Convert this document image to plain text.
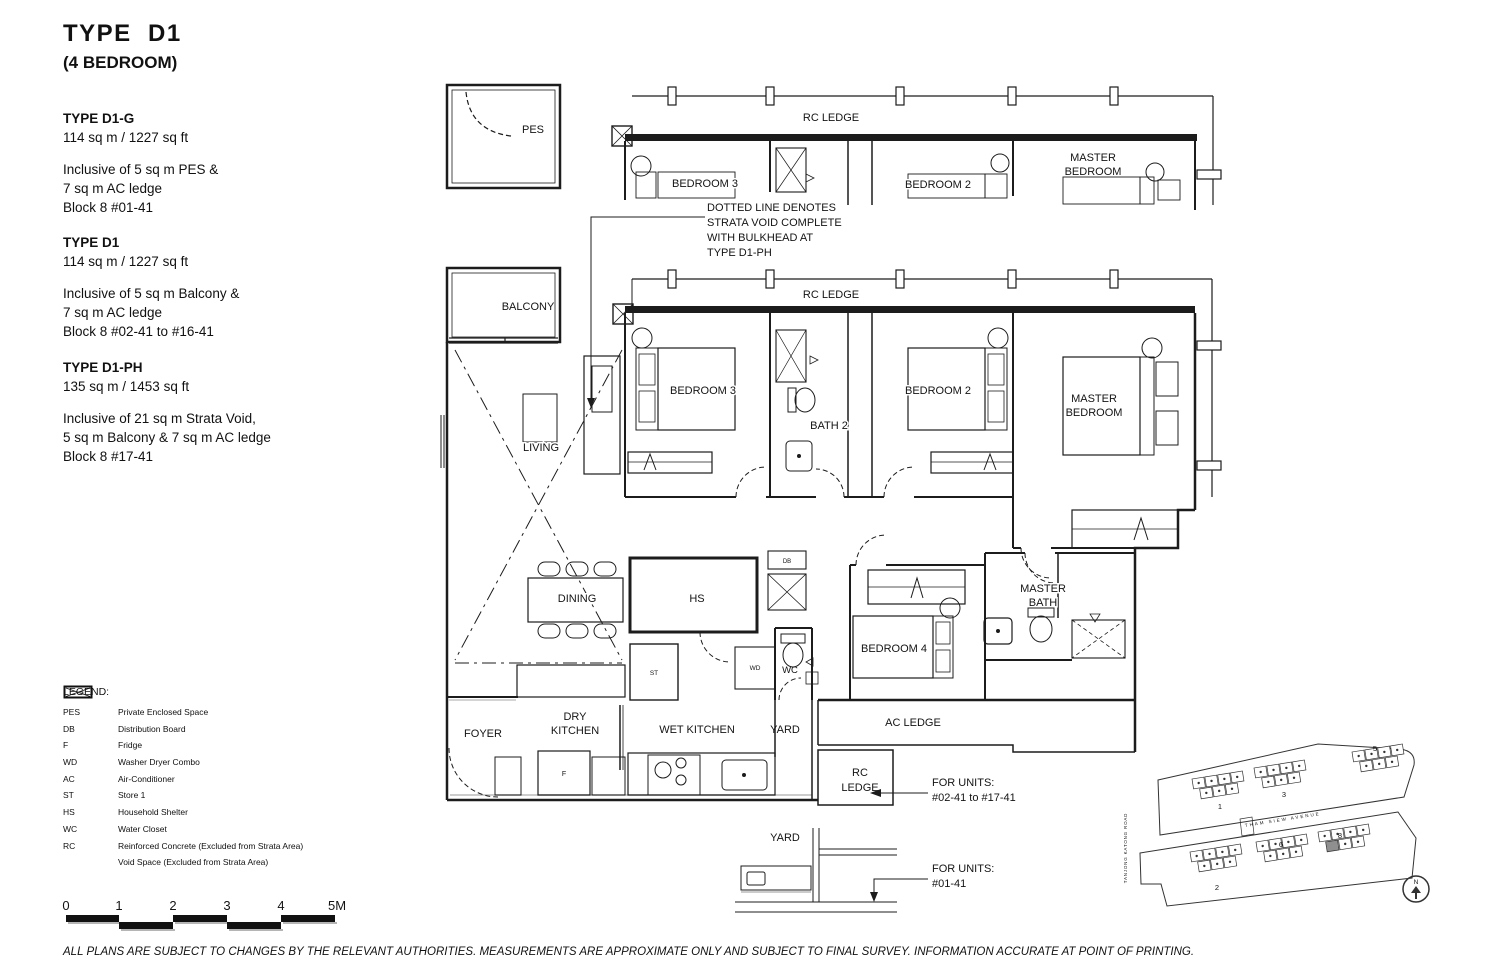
1
3
5
2
6
8
PES
RC LEDGE
BEDROOM 3	BEDROOM 2
MASTER
BEDROOM
DOTTED LINE DENOTES
STRATA VOID COMPLETE
WITH BULKHEAD AT
TYPE D1-PH
BALCONY
RC LEDGE
LIVING
BEDROOM 3
BATH 2
BEDROOM 2
MASTER
BEDROOM
DINING	HS
DB
ST
WD WC
MASTER
BATH
BEDROOM 4
FOYER
DRY
KITCHEN	WET KITCHEN	YARD
AC LEDGE
RC
LEDGE
F
YARD
FOR UNITS:
#02-41 to #17-41
FOR UNITS:
#01-41
0	1	2	3	4	5M
THAM SIEW AVENUE
TANJONG KATONG ROAD	N
TYPE  D1
(4 BEDROOM)
TYPE D1-G
114 sq m / 1227 sq ft
Inclusive of 5 sq m PES &
7 sq m AC ledge
Block 8 #01-41
TYPE D1
114 sq m / 1227 sq ft
Inclusive of 5 sq m Balcony &
7 sq m AC ledge
Block 8 #02-41 to #16-41
TYPE D1-PH
135 sq m / 1453 sq ft
Inclusive of 21 sq m Strata Void,
5 sq m Balcony & 7 sq m AC ledge
Block 8 #17-41
LEGEND:
PES	Private Enclosed Space
DB	Distribution Board
F	Fridge
WD	Washer Dryer Combo
AC	Air-Conditioner
ST	Store 1
HS	Household Shelter
WC	Water Closet
RC	Reinforced Concrete (Excluded from Strata Area)
Void Space (Excluded from Strata Area)
ALL PLANS ARE SUBJECT TO CHANGES BY THE RELEVANT AUTHORITIES. MEASUREMENTS ARE APPROXIMATE ONLY AND SUBJECT TO FINAL SURVEY. INFORMATION ACCURATE AT POINT OF PRINTING.
